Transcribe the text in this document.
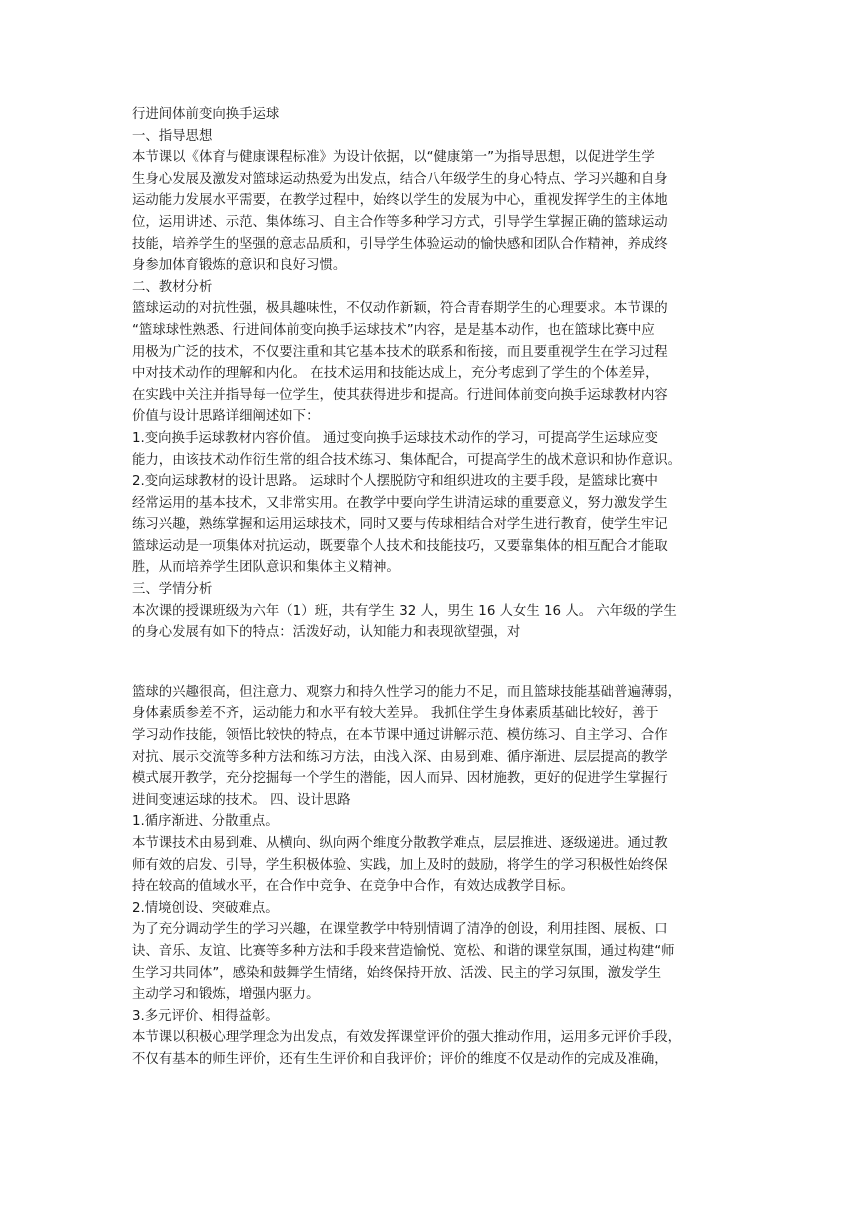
行进间体前变向换手运球
一、指导思想
本节课以《体育与健康课程标准》为设计依据，以“健康第一”为指导思想，以促进学生学
生身心发展及激发对篮球运动热爱为出发点，结合八年级学生的身心特点、学习兴趣和自身
运动能力发展水平需要，在教学过程中，始终以学生的发展为中心，重视发挥学生的主体地
位，运用讲述、示范、集体练习、自主合作等多种学习方式，引导学生掌握正确的篮球运动
技能，培养学生的坚强的意志品质和，引导学生体验运动的愉快感和团队合作精神，养成终
身参加体育锻炼的意识和良好习惯。
二、教材分析
篮球运动的对抗性强，极具趣味性，不仅动作新颖，符合青春期学生的心理要求。本节课的
“篮球球性熟悉、行进间体前变向换手运球技术”内容，是是基本动作，也在篮球比赛中应
用极为广泛的技术，不仅要注重和其它基本技术的联系和衔接，而且要重视学生在学习过程
中对技术动作的理解和内化。 在技术运用和技能达成上，充分考虑到了学生的个体差异，
在实践中关注并指导每一位学生，使其获得进步和提高。行进间体前变向换手运球教材内容
价值与设计思路详细阐述如下：
1.变向换手运球教材内容价值。 通过变向换手运球技术动作的学习，可提高学生运球应变
能力，由该技术动作衍生常的组合技术练习、集体配合，可提高学生的战术意识和协作意识。
2.变向运球教材的设计思路。 运球时个人摆脱防守和组织进攻的主要手段，是篮球比赛中
经常运用的基本技术，又非常实用。在教学中要向学生讲清运球的重要意义，努力激发学生
练习兴趣，熟练掌握和运用运球技术，同时又要与传球相结合对学生进行教育，使学生牢记
篮球运动是一项集体对抗运动，既要靠个人技术和技能技巧，又要靠集体的相互配合才能取
胜，从而培养学生团队意识和集体主义精神。
三、学情分析
本次课的授课班级为六年（1）班，共有学生 32 人，男生 16 人女生 16 人。 六年级的学生
的身心发展有如下的特点：活泼好动，认知能力和表现欲望强，对
篮球的兴趣很高，但注意力、观察力和持久性学习的能力不足，而且篮球技能基础普遍薄弱，
身体素质参差不齐，运动能力和水平有较大差异。 我抓住学生身体素质基础比较好，善于
学习动作技能，领悟比较快的特点，在本节课中通过讲解示范、模仿练习、自主学习、合作
对抗、展示交流等多种方法和练习方法，由浅入深、由易到难、循序渐进、层层提高的教学
模式展开教学，充分挖掘每一个学生的潜能，因人而异、因材施教，更好的促进学生掌握行
进间变速运球的技术。 四、设计思路
1.循序渐进、分散重点。
本节课技术由易到难、从横向、纵向两个维度分散教学难点，层层推进、逐级递进。通过教
师有效的启发、引导，学生积极体验、实践，加上及时的鼓励，将学生的学习积极性始终保
持在较高的值域水平，在合作中竞争、在竞争中合作，有效达成教学目标。
2.情境创设、突破难点。
为了充分调动学生的学习兴趣，在课堂教学中特别情调了清净的创设，利用挂图、展板、口
诀、音乐、友谊、比赛等多种方法和手段来营造愉悦、宽松、和谐的课堂氛围，通过构建“师
生学习共同体”，感染和鼓舞学生情绪，始终保持开放、活泼、民主的学习氛围，激发学生
主动学习和锻炼，增强内驱力。
3.多元评价、相得益彰。
本节课以积极心理学理念为出发点，有效发挥课堂评价的强大推动作用，运用多元评价手段，
不仅有基本的师生评价，还有生生评价和自我评价；评价的维度不仅是动作的完成及准确，
